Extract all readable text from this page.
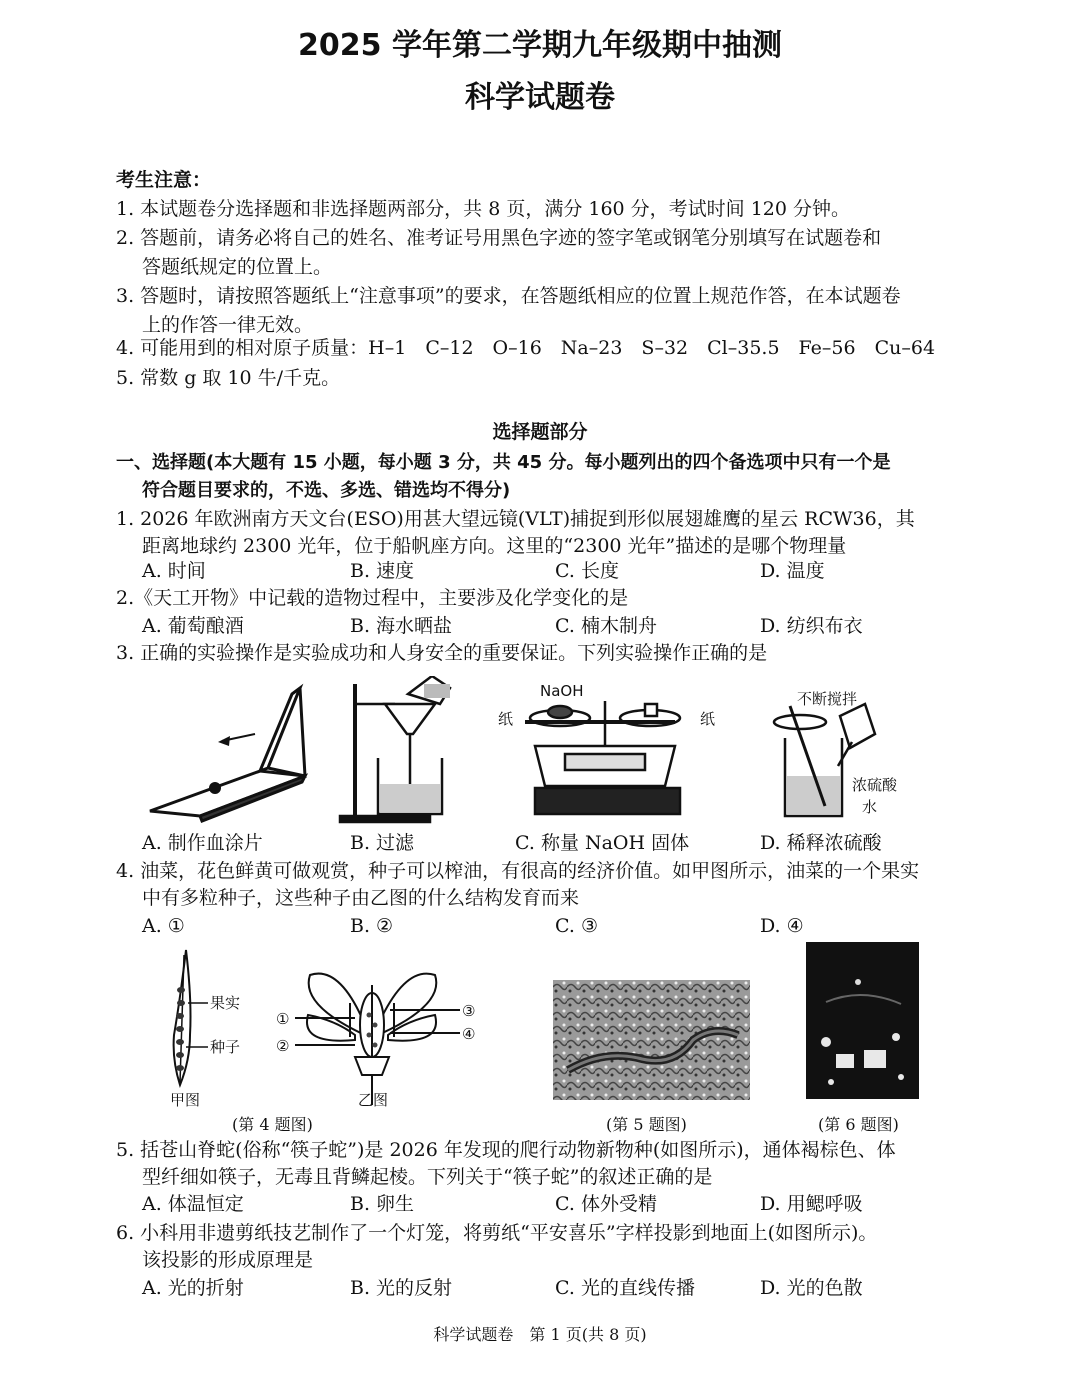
2025 学年第二学期九年级期中抽测
科学试题卷
考生注意：
1. 本试题卷分选择题和非选择题两部分，共 8 页，满分 160 分，考试时间 120 分钟。
2. 答题前，请务必将自己的姓名、准考证号用黑色字迹的签字笔或钢笔分别填写在试题卷和
答题纸规定的位置上。
3. 答题时，请按照答题纸上“注意事项”的要求，在答题纸相应的位置上规范作答，在本试题卷
上的作答一律无效。
4. 可能用到的相对原子质量：H–1　C–12　O–16　Na–23　S–32　Cl–35.5　Fe–56　Cu–64
5. 常数 g 取 10 牛/千克。
选择题部分
一、选择题(本大题有 15 小题，每小题 3 分，共 45 分。每小题列出的四个备选项中只有一个是
符合题目要求的，不选、多选、错选均不得分)
1. 2026 年欧洲南方天文台(ESO)用甚大望远镜(VLT)捕捉到形似展翅雄鹰的星云 RCW36，其
距离地球约 2300 光年，位于船帆座方向。这里的“2300 光年”描述的是哪个物理量
A. 时间	B. 速度	C. 长度	D. 温度
2.《天工开物》中记载的造物过程中，主要涉及化学变化的是
A. 葡萄酿酒	B. 海水晒盐	C. 楠木制舟	D. 纺织布衣
3. 正确的实验操作是实验成功和人身安全的重要保证。下列实验操作正确的是
NaOH
纸	纸
不断搅拌
浓硫酸
水
A. 制作血涂片	B. 过滤	C. 称量 NaOH 固体	D. 稀释浓硫酸
4. 油菜，花色鲜黄可做观赏，种子可以榨油，有很高的经济价值。如甲图所示，油菜的一个果实
中有多粒种子，这些种子由乙图的什么结构发育而来
A. ①	B. ②	C. ③	D. ④
果实
种子
甲图
①
②
③
④
乙图
(第 4 题图)	(第 5 题图)	(第 6 题图)
5. 括苍山脊蛇(俗称“筷子蛇”)是 2026 年发现的爬行动物新物种(如图所示)，通体褐棕色、体
型纤细如筷子，无毒且背鳞起棱。下列关于“筷子蛇”的叙述正确的是
A. 体温恒定	B. 卵生	C. 体外受精	D. 用鳃呼吸
6. 小科用非遗剪纸技艺制作了一个灯笼，将剪纸“平安喜乐”字样投影到地面上(如图所示)。
该投影的形成原理是
A. 光的折射	B. 光的反射	C. 光的直线传播	D. 光的色散
科学试题卷　第 1 页(共 8 页)
